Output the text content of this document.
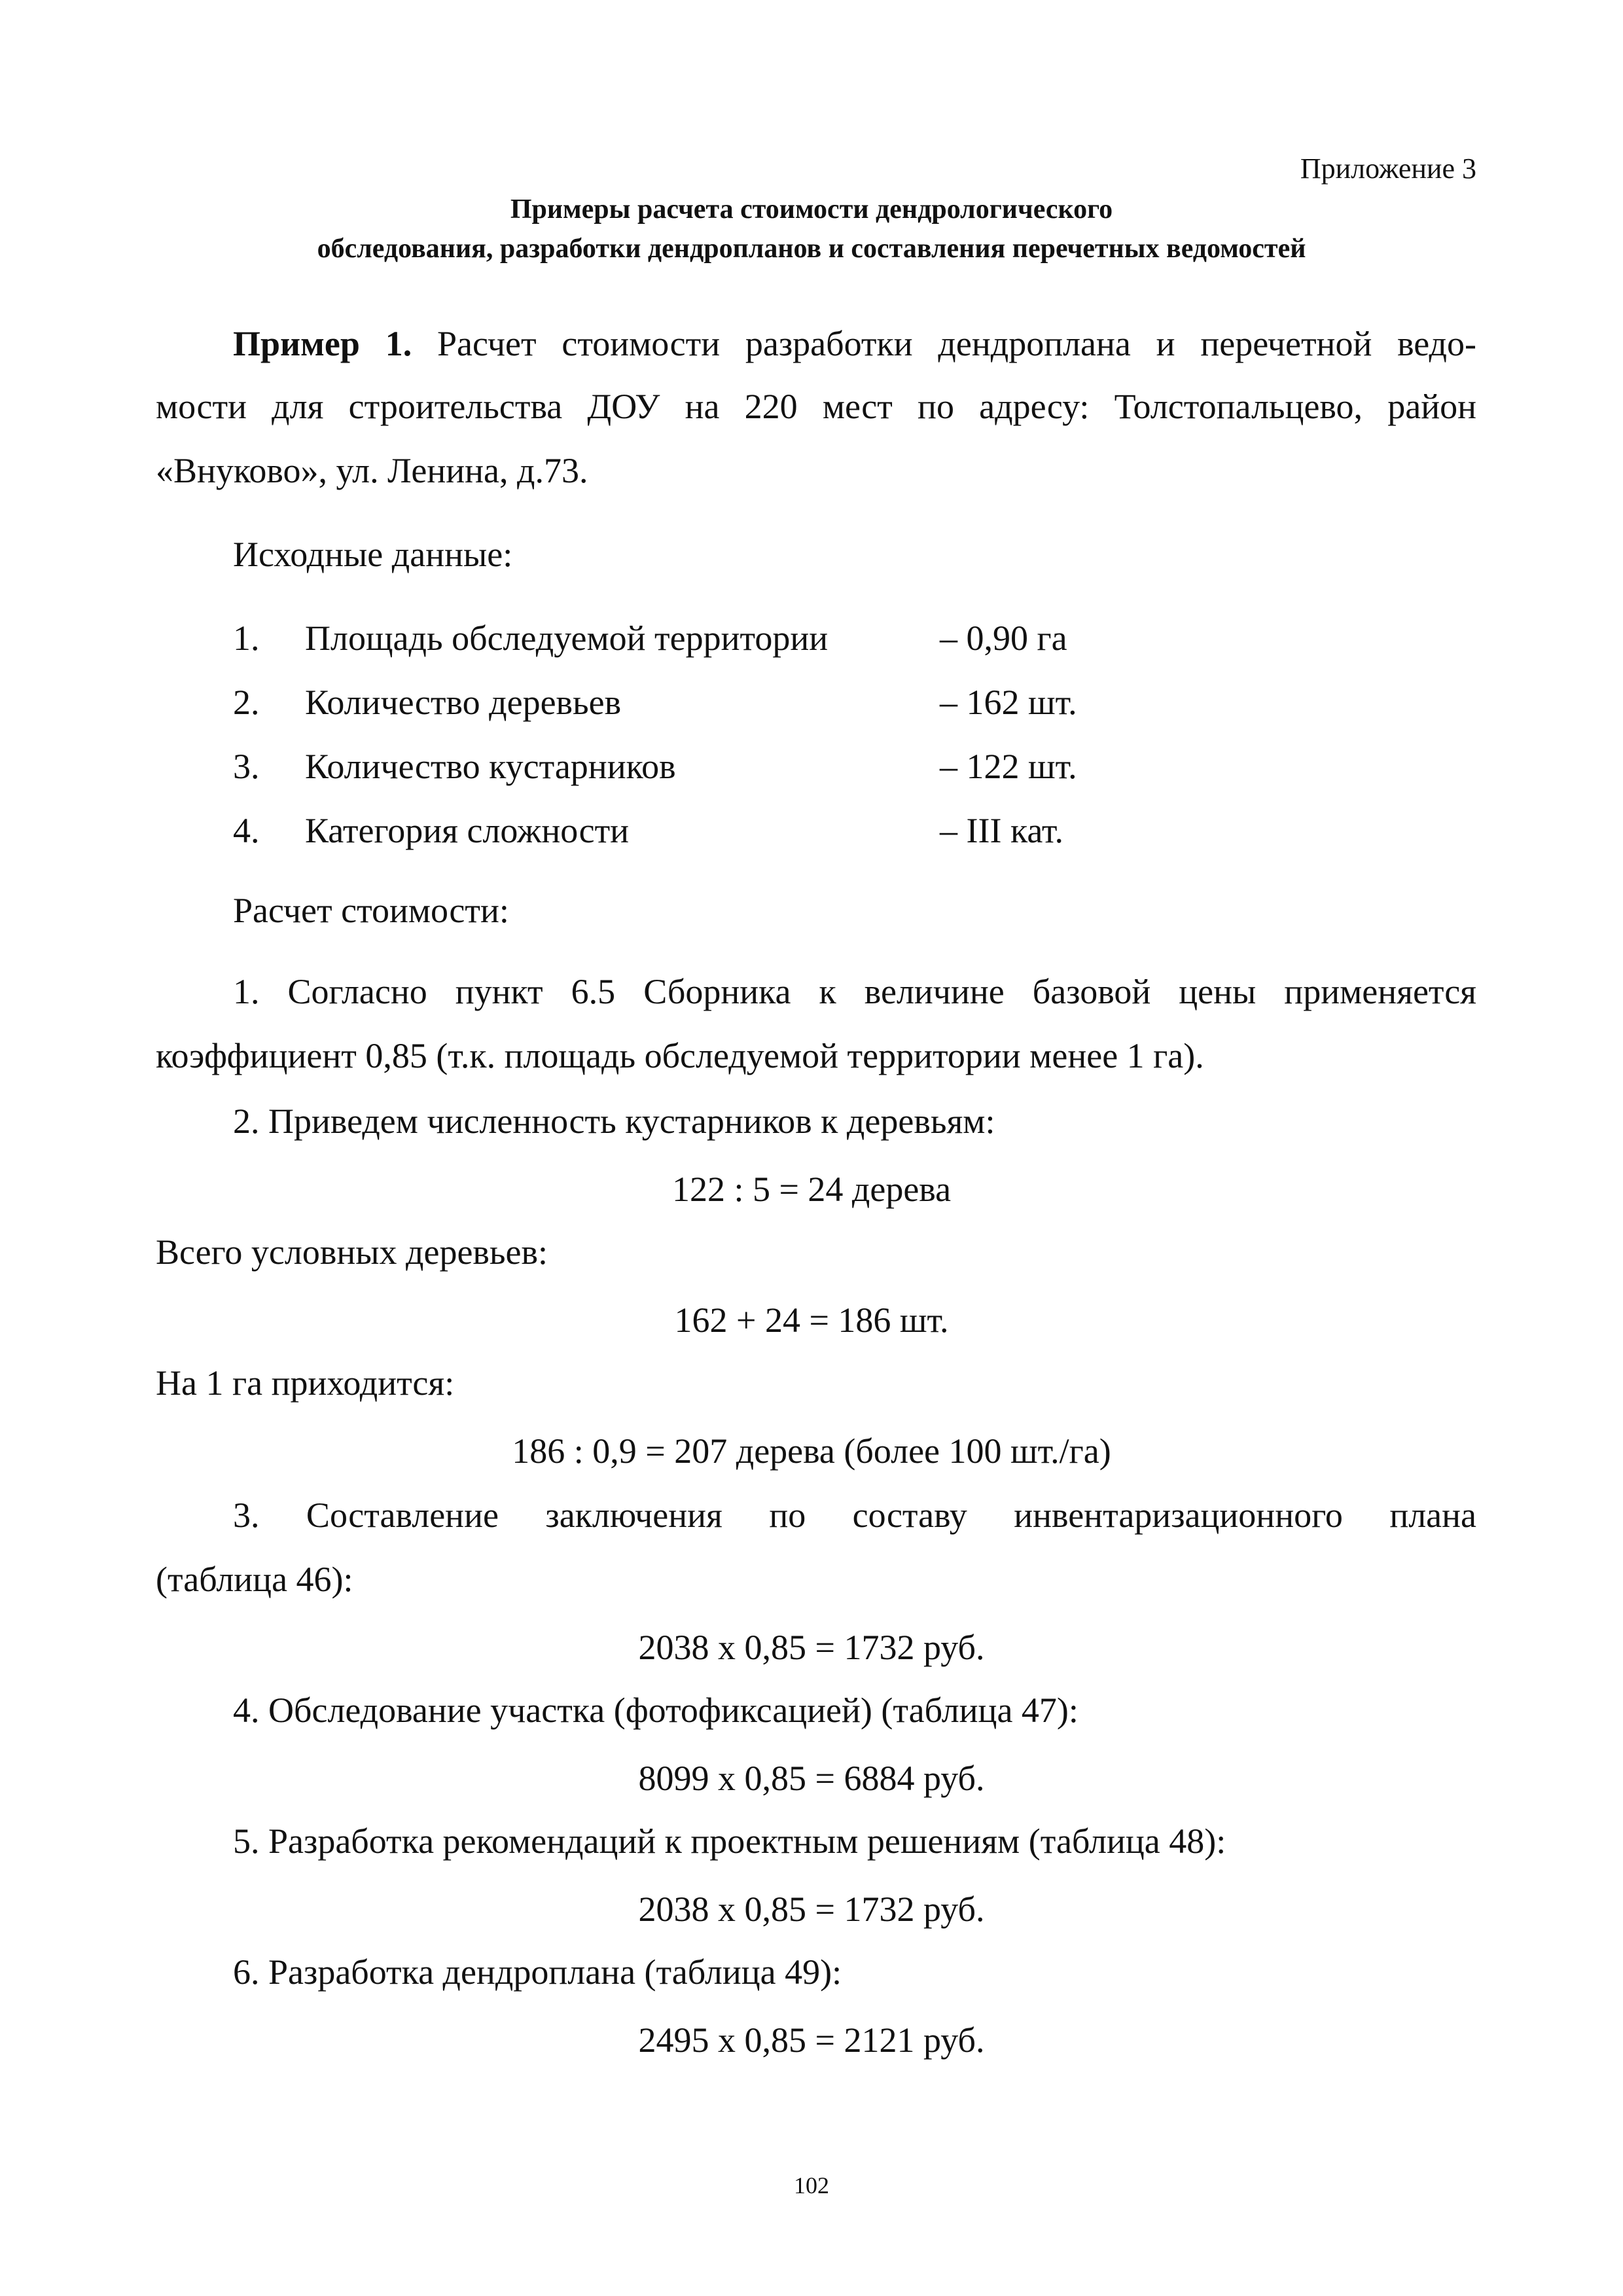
Приложение 3
Примеры расчета стоимости дендрологического
обследования, разработки дендропланов и составления перечетных ведомостей
Пример 1. Расчет стоимости разработки дендроплана и перечетной ведо-
мости для строительства ДОУ на 220 мест по адресу: Толстопальцево, район
«Внуково», ул. Ленина, д.73.
Исходные данные:
1. Площадь обследуемой территории	– 0,90 га
2. Количество деревьев	– 162 шт.
3. Количество кустарников	– 122 шт.
4. Категория сложности	– III кат.
Расчет стоимости:
1. Согласно пункт 6.5 Сборника к величине базовой цены применяется
коэффициент 0,85 (т.к. площадь обследуемой территории менее 1 га).
2. Приведем численность кустарников к деревьям:
122 : 5 = 24 дерева
Всего условных деревьев:
162 + 24 = 186 шт.
На 1 га приходится:
186 : 0,9 = 207 дерева (более 100 шт./га)
3. Составление заключения по составу инвентаризационного плана
(таблица 46):
2038 х 0,85 = 1732 руб.
4. Обследование участка (фотофиксацией) (таблица 47):
8099 х 0,85 = 6884 руб.
5. Разработка рекомендаций к проектным решениям (таблица 48):
2038 х 0,85 = 1732 руб.
6. Разработка дендроплана (таблица 49):
2495 х 0,85 = 2121 руб.
102
